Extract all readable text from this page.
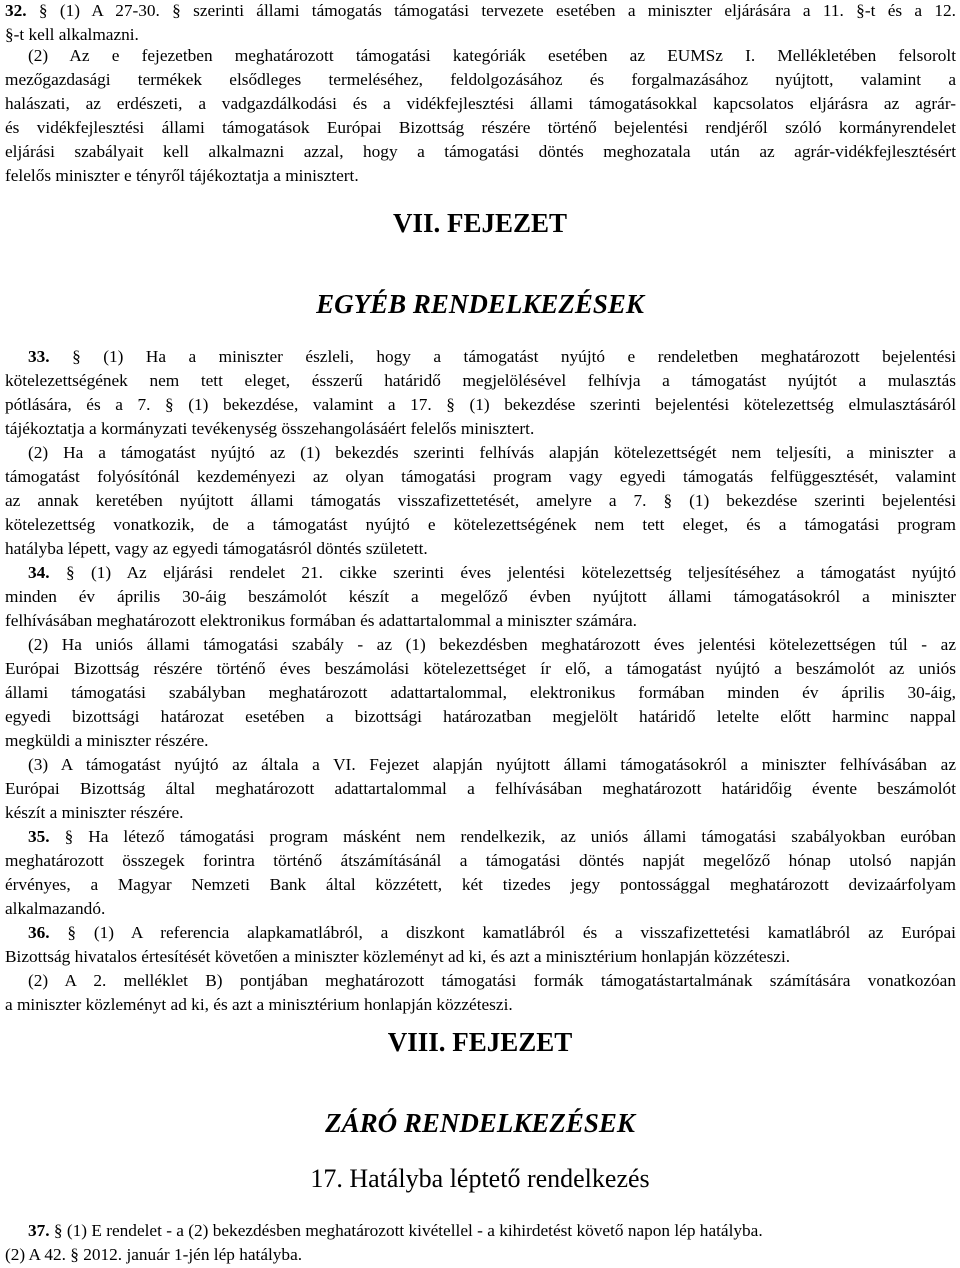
32. § (1) A 27-30. § szerinti állami támogatás támogatási tervezete esetében a miniszter eljárására a 11. §-t és a 12.
§-t kell alkalmazni.
(2) Az e fejezetben meghatározott támogatási kategóriák esetében az EUMSz I. Mellékletében felsorolt
mezőgazdasági termékek elsődleges termeléséhez, feldolgozásához és forgalmazásához nyújtott, valamint a
halászati, az erdészeti, a vadgazdálkodási és a vidékfejlesztési állami támogatásokkal kapcsolatos eljárásra az agrár-
és vidékfejlesztési állami támogatások Európai Bizottság részére történő bejelentési rendjéről szóló kormányrendelet
eljárási szabályait kell alkalmazni azzal, hogy a támogatási döntés meghozatala után az agrár-vidékfejlesztésért
felelős miniszter e tényről tájékoztatja a minisztert.
VII. FEJEZET
EGYÉB RENDELKEZÉSEK
33. § (1) Ha a miniszter észleli, hogy a támogatást nyújtó e rendeletben meghatározott bejelentési
kötelezettségének nem tett eleget, ésszerű határidő megjelölésével felhívja a támogatást nyújtót a mulasztás
pótlására, és a 7. § (1) bekezdése, valamint a 17. § (1) bekezdése szerinti bejelentési kötelezettség elmulasztásáról
tájékoztatja a kormányzati tevékenység összehangolásáért felelős minisztert.
(2) Ha a támogatást nyújtó az (1) bekezdés szerinti felhívás alapján kötelezettségét nem teljesíti, a miniszter a
támogatást folyósítónál kezdeményezi az olyan támogatási program vagy egyedi támogatás felfüggesztését, valamint
az annak keretében nyújtott állami támogatás visszafizettetését, amelyre a 7. § (1) bekezdése szerinti bejelentési
kötelezettség vonatkozik, de a támogatást nyújtó e kötelezettségének nem tett eleget, és a támogatási program
hatályba lépett, vagy az egyedi támogatásról döntés született.
34. § (1) Az eljárási rendelet 21. cikke szerinti éves jelentési kötelezettség teljesítéséhez a támogatást nyújtó
minden év április 30-áig beszámolót készít a megelőző évben nyújtott állami támogatásokról a miniszter
felhívásában meghatározott elektronikus formában és adattartalommal a miniszter számára.
(2) Ha uniós állami támogatási szabály - az (1) bekezdésben meghatározott éves jelentési kötelezettségen túl - az
Európai Bizottság részére történő éves beszámolási kötelezettséget ír elő, a támogatást nyújtó a beszámolót az uniós
állami támogatási szabályban meghatározott adattartalommal, elektronikus formában minden év április 30-áig,
egyedi bizottsági határozat esetében a bizottsági határozatban megjelölt határidő letelte előtt harminc nappal
megküldi a miniszter részére.
(3) A támogatást nyújtó az általa a VI. Fejezet alapján nyújtott állami támogatásokról a miniszter felhívásában az
Európai Bizottság által meghatározott adattartalommal a felhívásában meghatározott határidőig évente beszámolót
készít a miniszter részére.
35. § Ha létező támogatási program másként nem rendelkezik, az uniós állami támogatási szabályokban euróban
meghatározott összegek forintra történő átszámításánál a támogatási döntés napját megelőző hónap utolsó napján
érvényes, a Magyar Nemzeti Bank által közzétett, két tizedes jegy pontossággal meghatározott devizaárfolyam
alkalmazandó.
36. § (1) A referencia alapkamatlábról, a diszkont kamatlábról és a visszafizettetési kamatlábról az Európai
Bizottság hivatalos értesítését követően a miniszter közleményt ad ki, és azt a minisztérium honlapján közzéteszi.
(2) A 2. melléklet B) pontjában meghatározott támogatási formák támogatástartalmának számítására vonatkozóan
a miniszter közleményt ad ki, és azt a minisztérium honlapján közzéteszi.
VIII. FEJEZET
ZÁRÓ RENDELKEZÉSEK
17. Hatályba léptető rendelkezés
37. § (1) E rendelet - a (2) bekezdésben meghatározott kivétellel - a kihirdetést követő napon lép hatályba.
(2) A 42. § 2012. január 1-jén lép hatályba.
